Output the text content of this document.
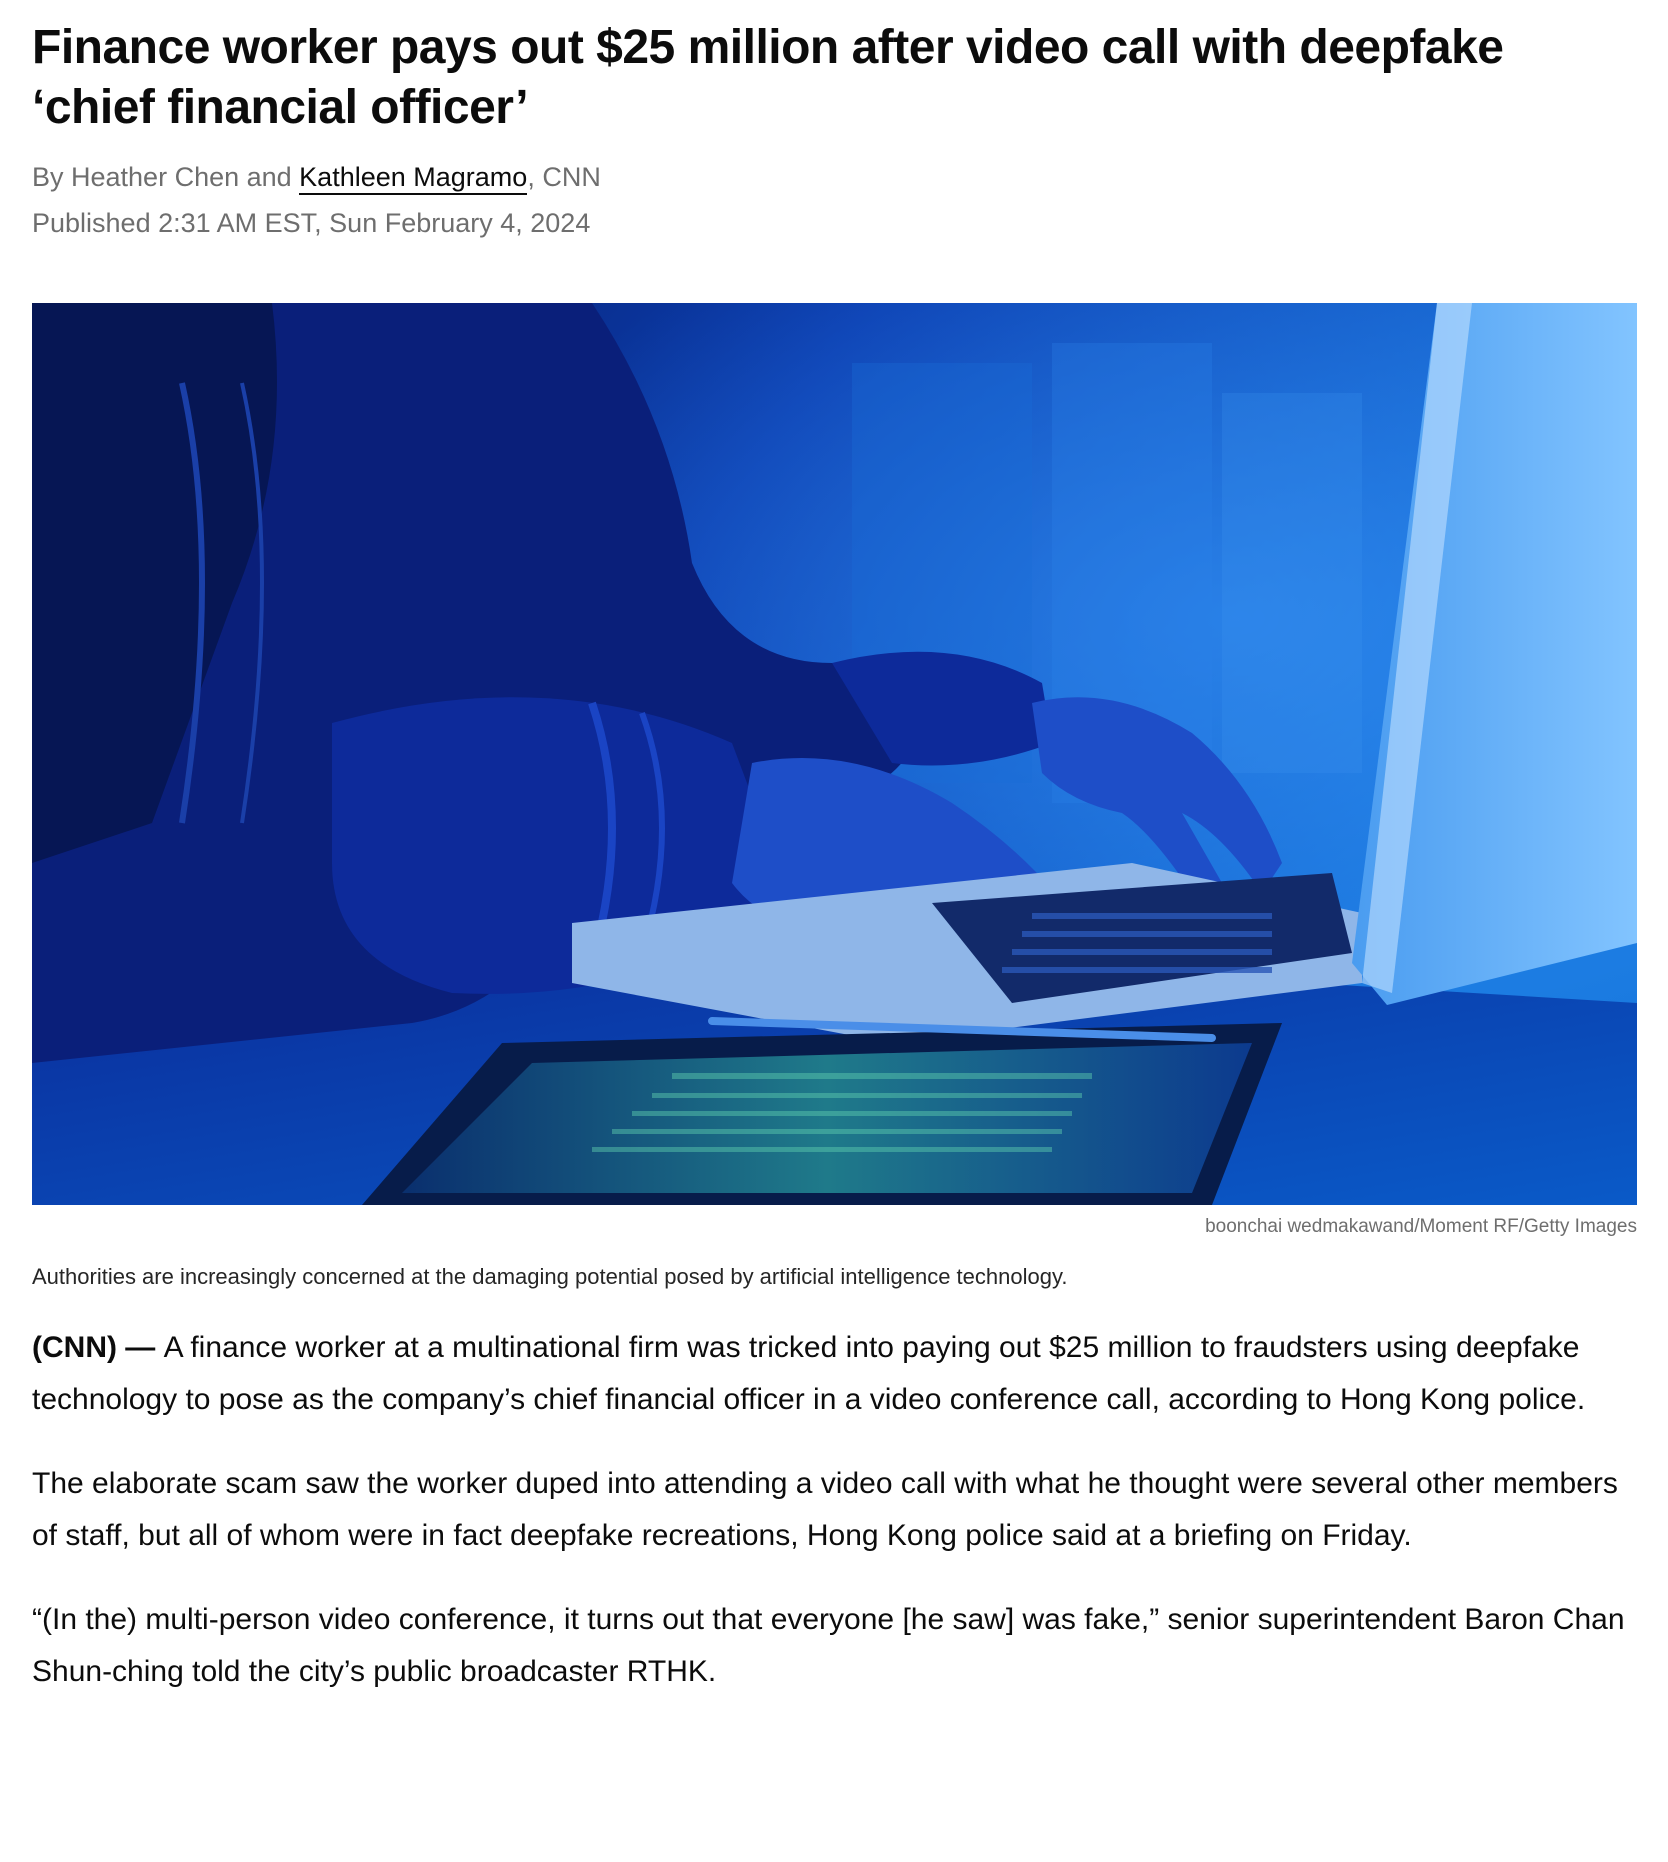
Finance worker pays out $25 million after video call with deepfake ‘chief financial officer’
By Heather Chen and Kathleen Magramo, CNN
Published 2:31 AM EST, Sun February 4, 2024
boonchai wedmakawand/Moment RF/Getty Images
Authorities are increasingly concerned at the damaging potential posed by artificial intelligence technology.

(CNN) — A finance worker at a multinational firm was tricked into paying out $25 million to fraudsters using deepfake technology to pose as the company’s chief financial officer in a video conference call, according to Hong Kong police.

The elaborate scam saw the worker duped into attending a video call with what he thought were several other members of staff, but all of whom were in fact deepfake recreations, Hong Kong police said at a briefing on Friday.

“(In the) multi-person video conference, it turns out that everyone [he saw] was fake,” senior superintendent Baron Chan Shun-ching told the city’s public broadcaster RTHK.
